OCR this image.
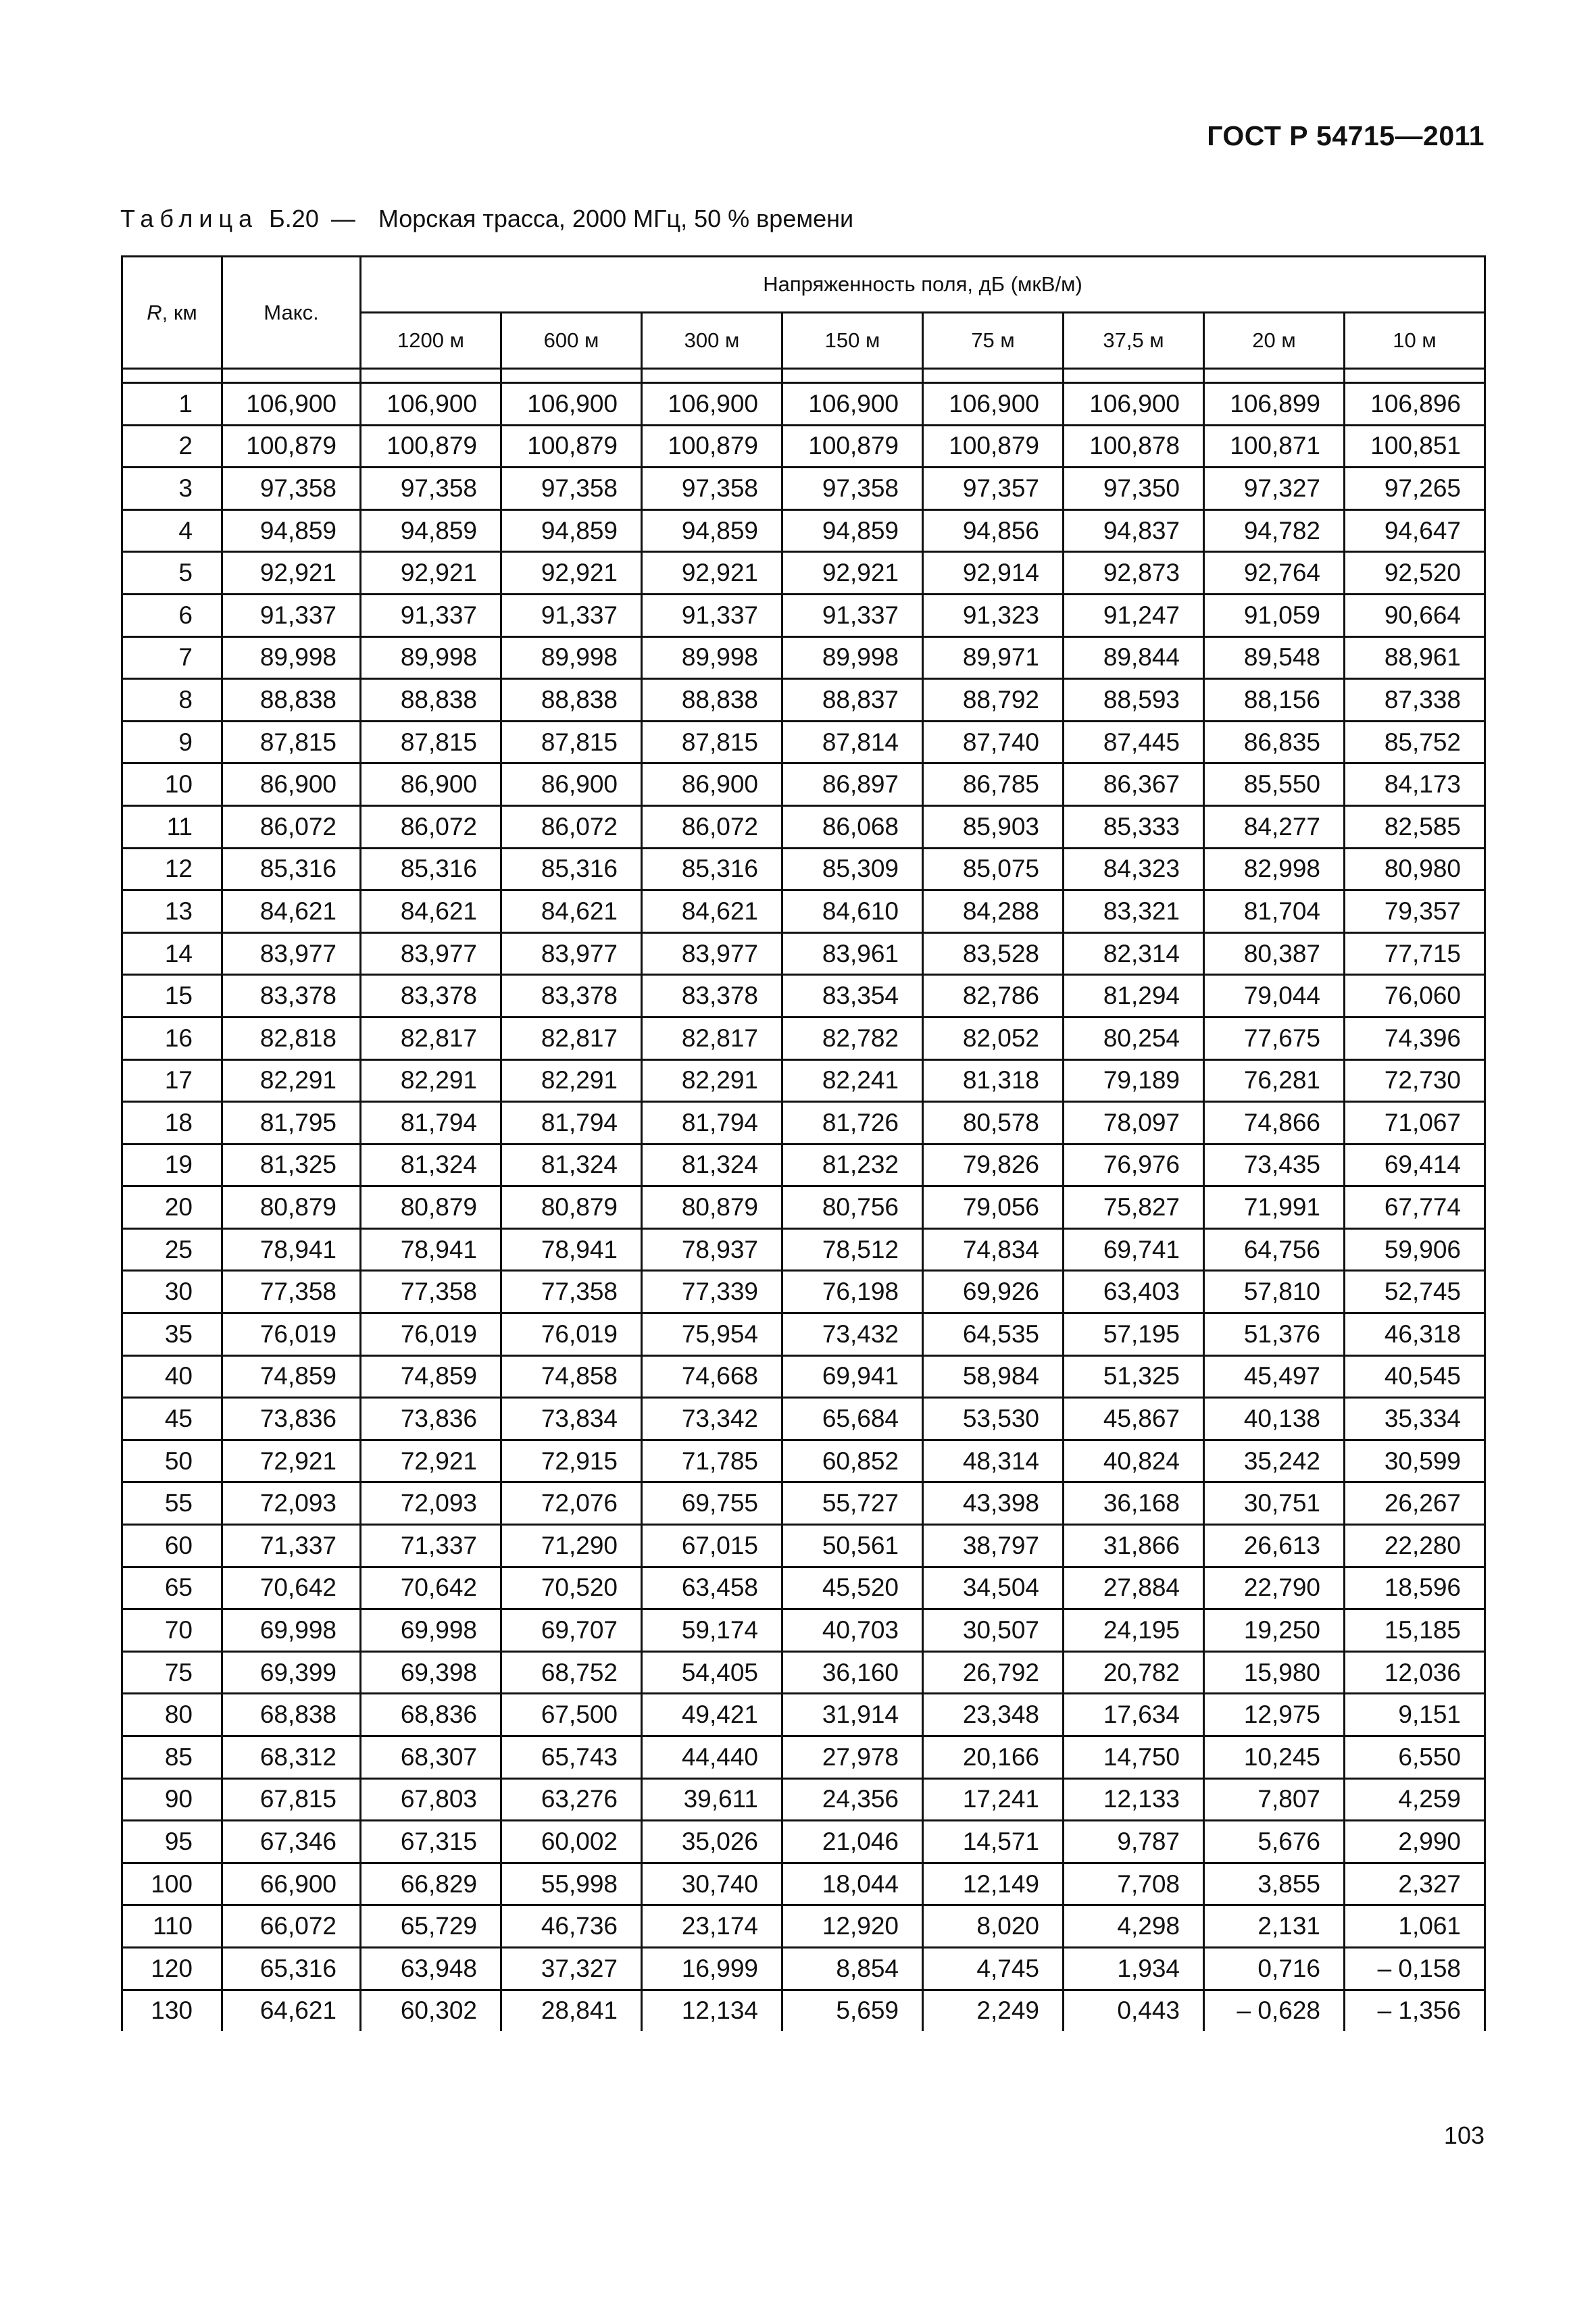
ГОСТ Р 54715—2011
Таблица Б.20 — Морская трасса, 2000 МГц, 50 % времени
R, км	Макс.	Напряженность поля, дБ (мкВ/м)							
		1200 м	600 м	300 м	150 м	75 м	37,5 м	20 м	10 м

1	106,900	106,900	106,900	106,900	106,900	106,900	106,900	106,899	106,896
2	100,879	100,879	100,879	100,879	100,879	100,879	100,878	100,871	100,851
3	97,358	97,358	97,358	97,358	97,358	97,357	97,350	97,327	97,265
4	94,859	94,859	94,859	94,859	94,859	94,856	94,837	94,782	94,647
5	92,921	92,921	92,921	92,921	92,921	92,914	92,873	92,764	92,520
6	91,337	91,337	91,337	91,337	91,337	91,323	91,247	91,059	90,664
7	89,998	89,998	89,998	89,998	89,998	89,971	89,844	89,548	88,961
8	88,838	88,838	88,838	88,838	88,837	88,792	88,593	88,156	87,338
9	87,815	87,815	87,815	87,815	87,814	87,740	87,445	86,835	85,752
10	86,900	86,900	86,900	86,900	86,897	86,785	86,367	85,550	84,173
11	86,072	86,072	86,072	86,072	86,068	85,903	85,333	84,277	82,585
12	85,316	85,316	85,316	85,316	85,309	85,075	84,323	82,998	80,980
13	84,621	84,621	84,621	84,621	84,610	84,288	83,321	81,704	79,357
14	83,977	83,977	83,977	83,977	83,961	83,528	82,314	80,387	77,715
15	83,378	83,378	83,378	83,378	83,354	82,786	81,294	79,044	76,060
16	82,818	82,817	82,817	82,817	82,782	82,052	80,254	77,675	74,396
17	82,291	82,291	82,291	82,291	82,241	81,318	79,189	76,281	72,730
18	81,795	81,794	81,794	81,794	81,726	80,578	78,097	74,866	71,067
19	81,325	81,324	81,324	81,324	81,232	79,826	76,976	73,435	69,414
20	80,879	80,879	80,879	80,879	80,756	79,056	75,827	71,991	67,774
25	78,941	78,941	78,941	78,937	78,512	74,834	69,741	64,756	59,906
30	77,358	77,358	77,358	77,339	76,198	69,926	63,403	57,810	52,745
35	76,019	76,019	76,019	75,954	73,432	64,535	57,195	51,376	46,318
40	74,859	74,859	74,858	74,668	69,941	58,984	51,325	45,497	40,545
45	73,836	73,836	73,834	73,342	65,684	53,530	45,867	40,138	35,334
50	72,921	72,921	72,915	71,785	60,852	48,314	40,824	35,242	30,599
55	72,093	72,093	72,076	69,755	55,727	43,398	36,168	30,751	26,267
60	71,337	71,337	71,290	67,015	50,561	38,797	31,866	26,613	22,280
65	70,642	70,642	70,520	63,458	45,520	34,504	27,884	22,790	18,596
70	69,998	69,998	69,707	59,174	40,703	30,507	24,195	19,250	15,185
75	69,399	69,398	68,752	54,405	36,160	26,792	20,782	15,980	12,036
80	68,838	68,836	67,500	49,421	31,914	23,348	17,634	12,975	9,151
85	68,312	68,307	65,743	44,440	27,978	20,166	14,750	10,245	6,550
90	67,815	67,803	63,276	39,611	24,356	17,241	12,133	7,807	4,259
95	67,346	67,315	60,002	35,026	21,046	14,571	9,787	5,676	2,990
100	66,900	66,829	55,998	30,740	18,044	12,149	7,708	3,855	2,327
110	66,072	65,729	46,736	23,174	12,920	8,020	4,298	2,131	1,061
120	65,316	63,948	37,327	16,999	8,854	4,745	1,934	0,716	– 0,158
130	64,621	60,302	28,841	12,134	5,659	2,249	0,443	– 0,628	– 1,356
103
